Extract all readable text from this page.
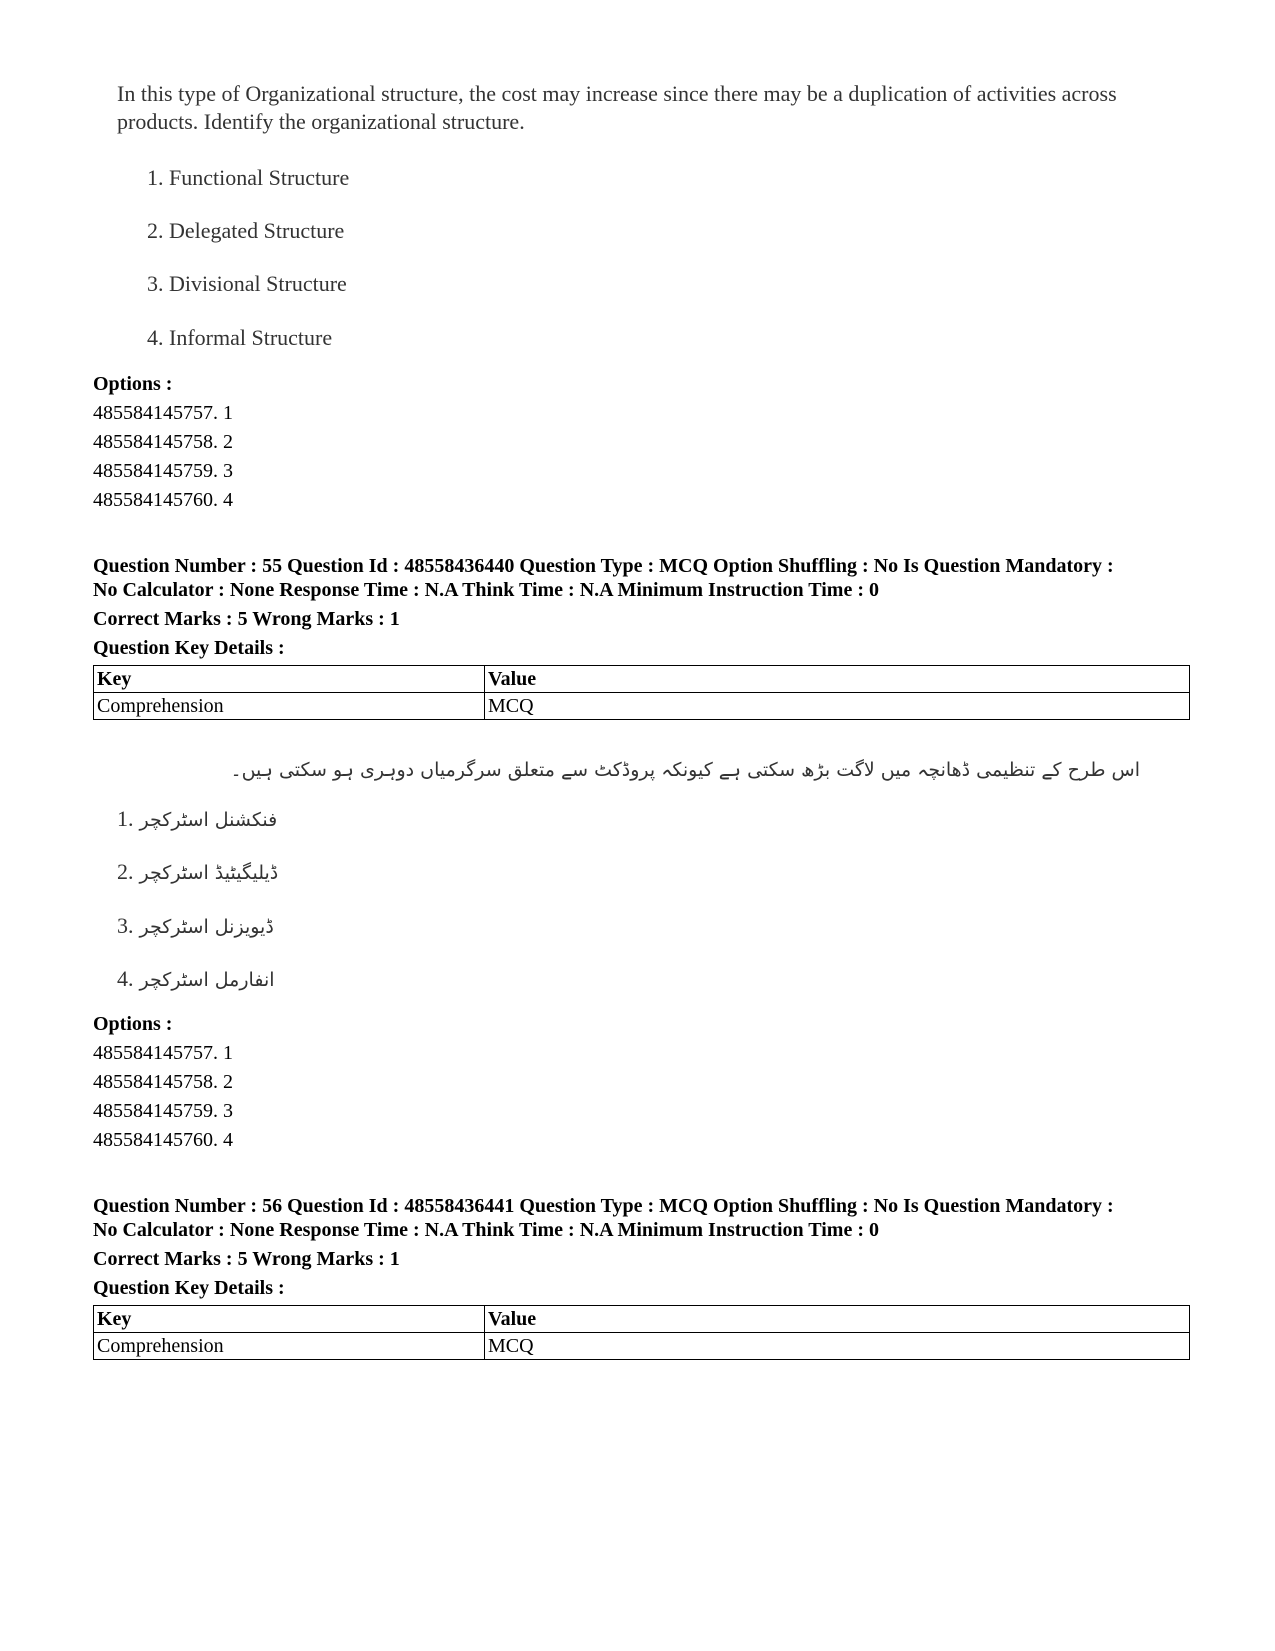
In this type of Organizational structure, the cost may increase since there may be a duplication of activities across products. Identify the organizational structure.
1. Functional Structure
2. Delegated Structure
3. Divisional Structure
4. Informal Structure
Options :
485584145757. 1
485584145758. 2
485584145759. 3
485584145760. 4
Question Number : 55 Question Id : 48558436440 Question Type : MCQ Option Shuffling : No Is Question Mandatory :
No Calculator : None Response Time : N.A Think Time : N.A Minimum Instruction Time : 0
Correct Marks : 5 Wrong Marks : 1
Question Key Details :
Key	Value
Comprehension	MCQ
اس طرح کے تنظیمی ڈھانچہ میں لاگت بڑھ سکتی ہے کیونکہ پروڈکٹ سے متعلق سرگرمیاں دوہری ہو سکتی ہیں۔
1. فنکشنل اسٹرکچر
2. ڈیلیگیٹیڈ اسٹرکچر
3. ڈیویزنل اسٹرکچر
4. انفارمل اسٹرکچر
Options :
485584145757. 1
485584145758. 2
485584145759. 3
485584145760. 4
Question Number : 56 Question Id : 48558436441 Question Type : MCQ Option Shuffling : No Is Question Mandatory :
No Calculator : None Response Time : N.A Think Time : N.A Minimum Instruction Time : 0
Correct Marks : 5 Wrong Marks : 1
Question Key Details :
Key	Value
Comprehension	MCQ
